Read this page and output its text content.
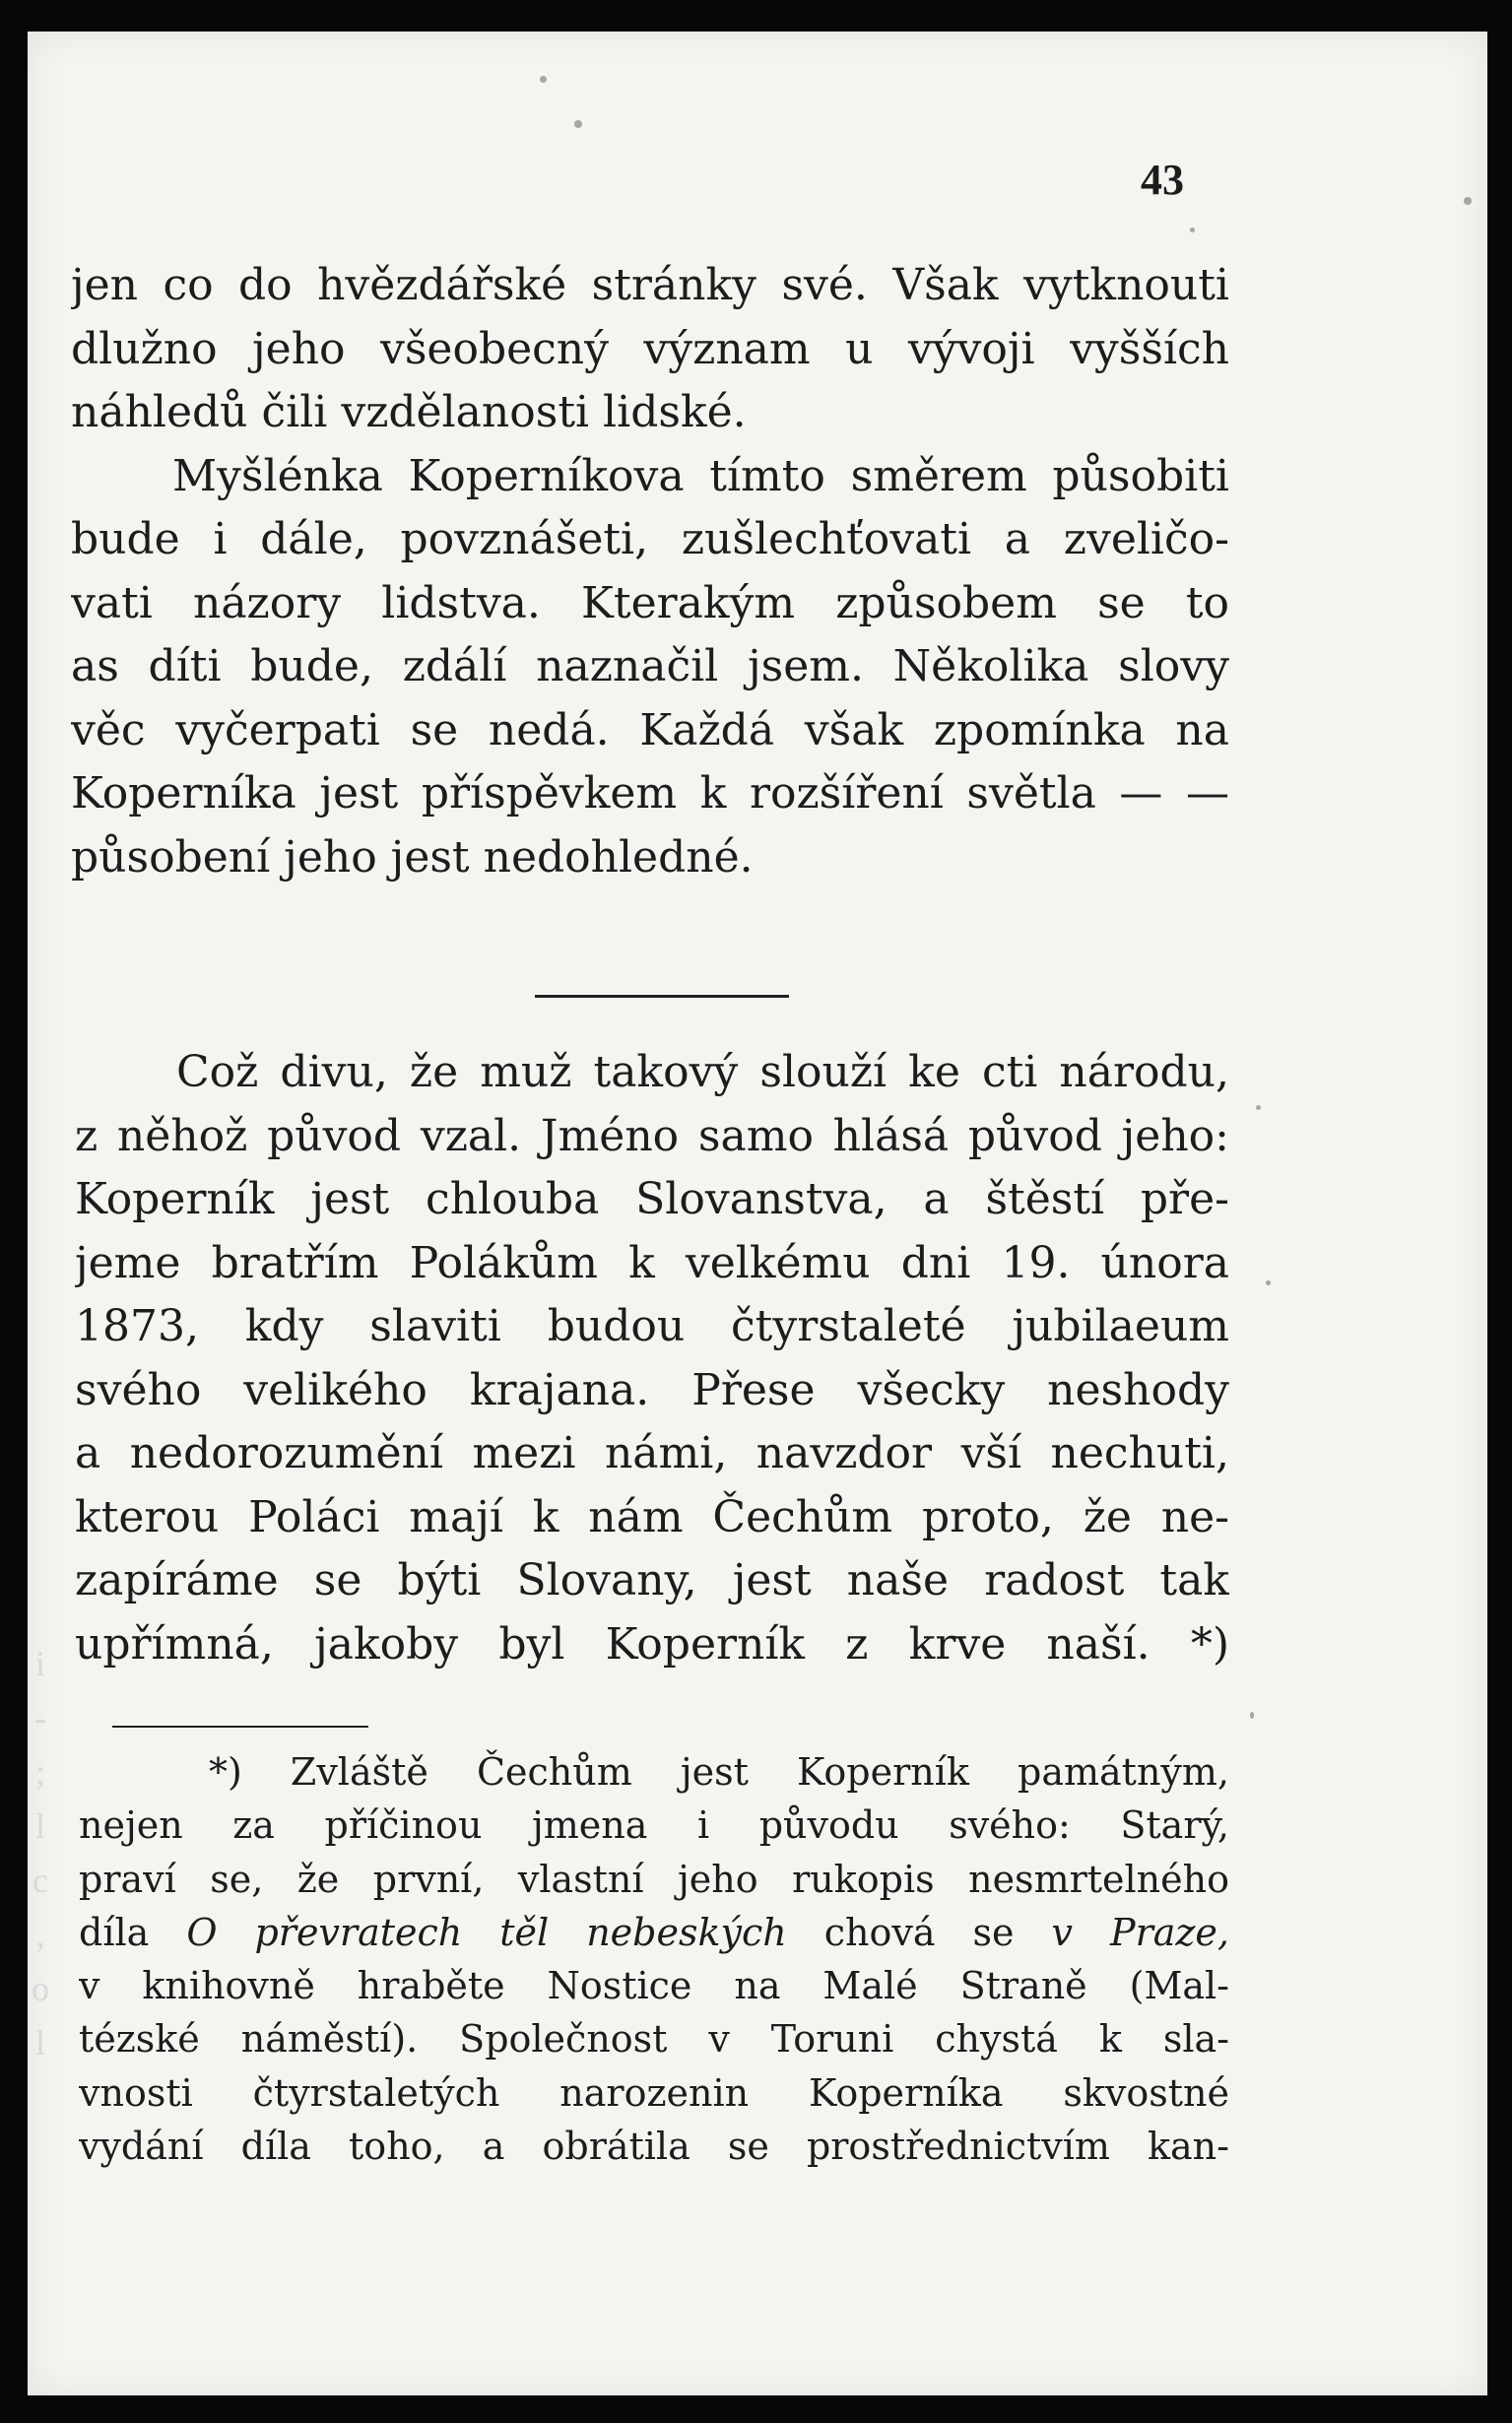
i
-
;
l
c
,
o
l
43
jen co do hvězdářské stránky své. Však vytknouti
dlužno jeho všeobecný význam u vývoji vyšších
náhledů čili vzdělanosti lidské.
Myšlénka Koperníkova tímto směrem působiti
bude i dále, povznášeti, zušlechťovati a zveličo-
vati názory lidstva. Kterakým způsobem se to
as díti bude, zdálí naznačil jsem. Několika slovy
věc vyčerpati se nedá. Každá však zpomínka na
Koperníka jest příspěvkem k rozšíření světla — —
působení jeho jest nedohledné.
Což divu, že muž takový slouží ke cti národu,
z něhož původ vzal. Jméno samo hlásá původ jeho:
Koperník jest chlouba Slovanstva, a štěstí pře-
jeme bratřím Polákům k velkému dni 19. února
1873, kdy slaviti budou čtyrstaleté jubilaeum
svého velikého krajana. Přese všecky neshody
a nedorozumění mezi námi, navzdor vší nechuti,
kterou Poláci mají k nám Čechům proto, že ne-
zapíráme se býti Slovany, jest naše radost tak
upřímná, jakoby byl Koperník z krve naší. *)
*) Zvláště Čechům jest Koperník památným,
nejen za příčinou jmena i původu svého: Starý,
praví se, že první, vlastní jeho rukopis nesmrtelného
díla O převratech těl nebeských chová se v Praze,
v knihovně hraběte Nostice na Malé Straně (Mal-
tézské náměstí). Společnost v Toruni chystá k sla-
vnosti čtyrstaletých narozenin Koperníka skvostné
vydání díla toho, a obrátila se prostřednictvím kan-
